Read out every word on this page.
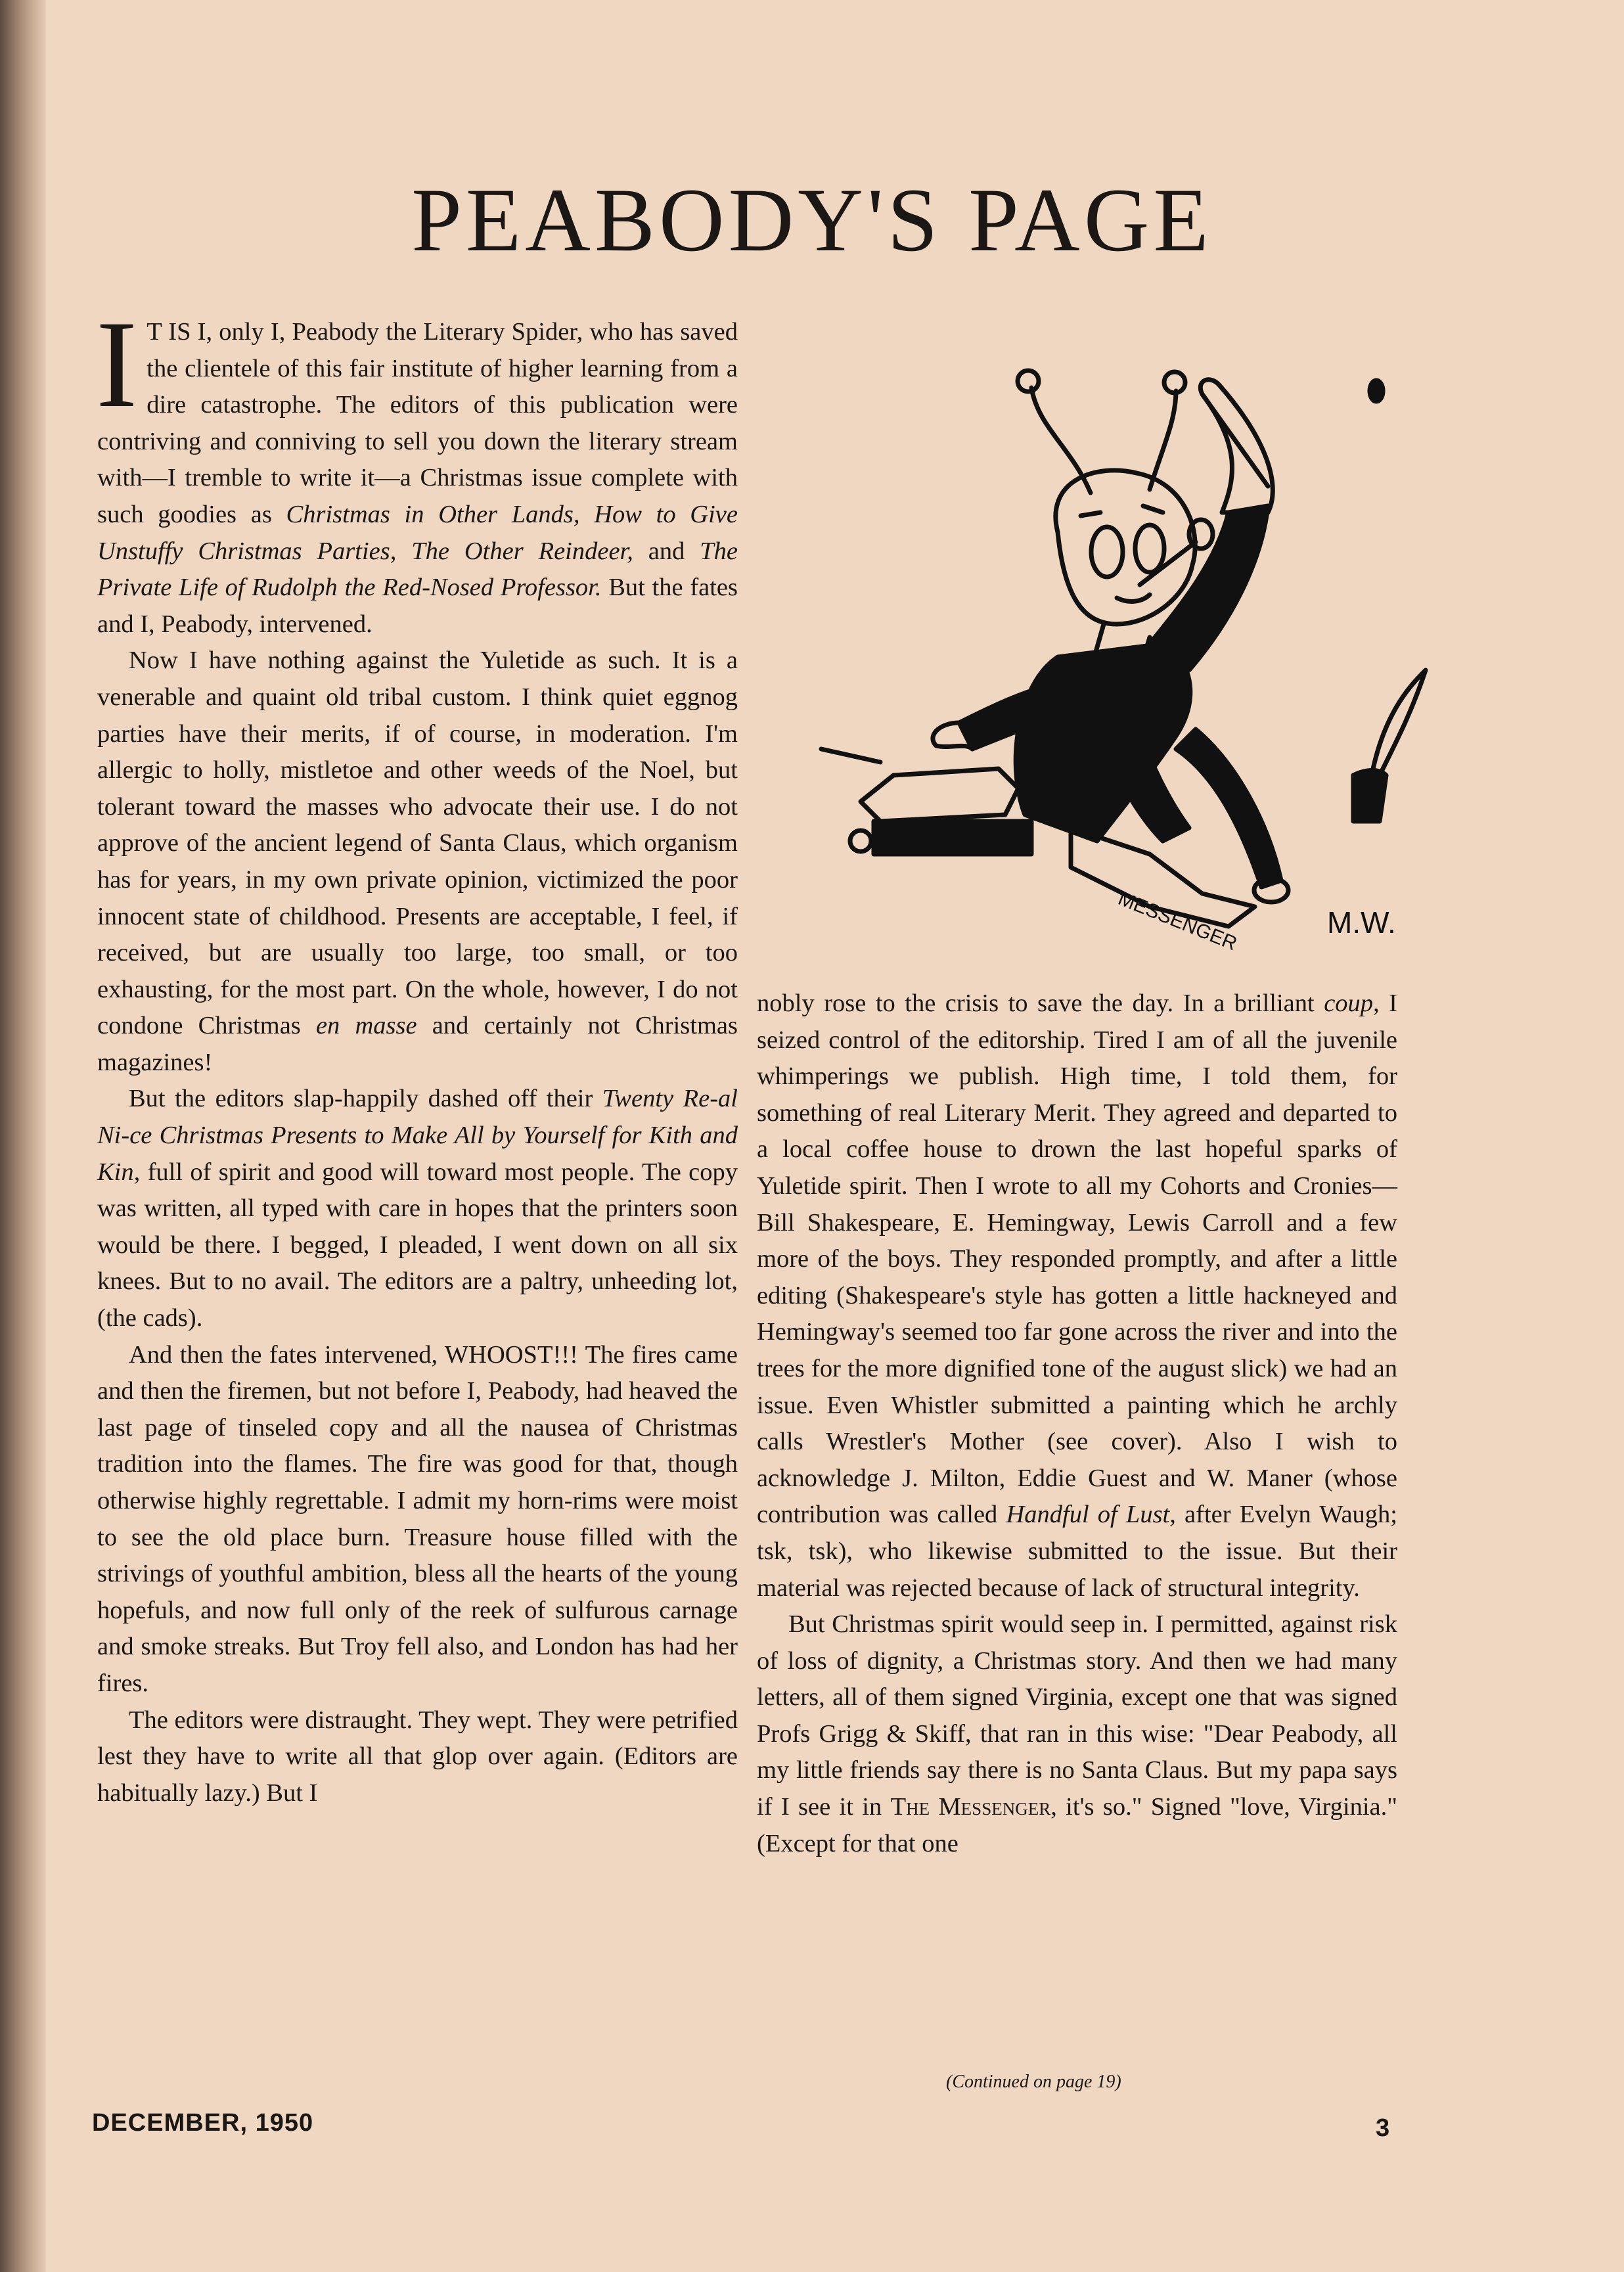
PEABODY'S PAGE

I T IS I, only I, Peabody the Literary Spider, who has saved the clientele of this fair institute of higher learning from a dire catastrophe. The editors of this publication were contriving and conniving to sell you down the literary stream with—I tremble to write it—a Christmas issue complete with such goodies as Christmas in Other Lands, How to Give Unstuffy Christmas Parties, The Other Reindeer, and The Private Life of Rudolph the Red-Nosed Professor. But the fates and I, Peabody, intervened.

Now I have nothing against the Yuletide as such. It is a venerable and quaint old tribal custom. I think quiet eggnog parties have their merits, if of course, in moderation. I'm allergic to holly, mistletoe and other weeds of the Noel, but tolerant toward the masses who advocate their use. I do not approve of the ancient legend of Santa Claus, which organism has for years, in my own private opinion, victimized the poor innocent state of childhood. Presents are acceptable, I feel, if received, but are usually too large, too small, or too exhausting, for the most part. On the whole, however, I do not condone Christmas en masse and certainly not Christmas magazines!

But the editors slap-happily dashed off their Twenty Re-al Ni-ce Christmas Presents to Make All by Yourself for Kith and Kin, full of spirit and good will toward most people. The copy was written, all typed with care in hopes that the printers soon would be there. I begged, I pleaded, I went down on all six knees. But to no avail. The editors are a paltry, unheeding lot, (the cads).

And then the fates intervened, WHOOST!!! The fires came and then the firemen, but not before I, Peabody, had heaved the last page of tinseled copy and all the nausea of Christmas tradition into the flames. The fire was good for that, though otherwise highly regrettable. I admit my horn-rims were moist to see the old place burn. Treasure house filled with the strivings of youthful ambition, bless all the hearts of the young hopefuls, and now full only of the reek of sulfurous carnage and smoke streaks. But Troy fell also, and London has had her fires.

The editors were distraught. They wept. They were petrified lest they have to write all that glop over again. (Editors are habitually lazy.) But I

nobly rose to the crisis to save the day. In a brilliant coup, I seized control of the editorship. Tired I am of all the juvenile whimperings we publish. High time, I told them, for something of real Literary Merit. They agreed and departed to a local coffee house to drown the last hopeful sparks of Yuletide spirit. Then I wrote to all my Cohorts and Cronies—Bill Shakespeare, E. Hemingway, Lewis Carroll and a few more of the boys. They responded promptly, and after a little editing (Shakespeare's style has gotten a little hackneyed and Hemingway's seemed too far gone across the river and into the trees for the more dignified tone of the august slick) we had an issue. Even Whistler submitted a painting which he archly calls Wrestler's Mother (see cover). Also I wish to acknowledge J. Milton, Eddie Guest and W. Maner (whose contribution was called Handful of Lust, after Evelyn Waugh; tsk, tsk), who likewise submitted to the issue. But their material was rejected because of lack of structural integrity.

But Christmas spirit would seep in. I permitted, against risk of loss of dignity, a Christmas story. And then we had many letters, all of them signed Virginia, except one that was signed Profs Grigg & Skiff, that ran in this wise: "Dear Peabody, all my little friends say there is no Santa Claus. But my papa says if I see it in The Messenger, it's so." Signed "love, Virginia." (Except for that one

MESSENGER	M.W.
(Continued on page 19)
DECEMBER, 1950	3
